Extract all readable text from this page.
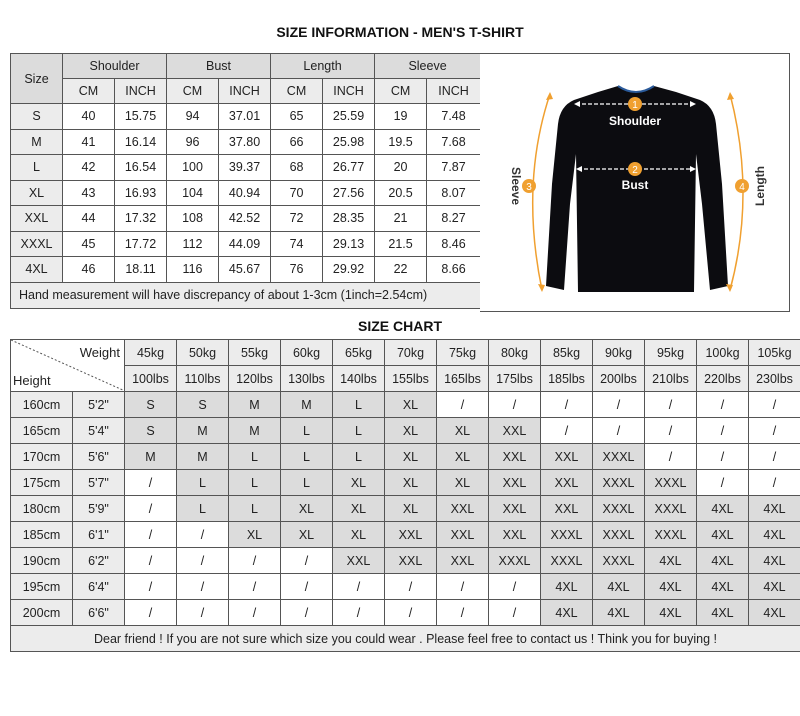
SIZE INFORMATION - MEN'S T-SHIRT
Size	Shoulder		Bust		Length		Sleeve	
	CM	INCH	CM	INCH	CM	INCH	CM	INCH
S	40	15.75	94	37.01	65	25.59	19	7.48
M	41	16.14	96	37.80	66	25.98	19.5	7.68
L	42	16.54	100	39.37	68	26.77	20	7.87
XL	43	16.93	104	40.94	70	27.56	20.5	8.07
XXL	44	17.32	108	42.52	72	28.35	21	8.27
XXXL	45	17.72	112	44.09	74	29.13	21.5	8.46
4XL	46	18.11	116	45.67	76	29.92	22	8.66
Hand measurement will have discrepancy of about 1-3cm (1inch=2.54cm)								
1
Shoulder
2
Bust
3
Sleeve	4 Length
SIZE CHART
Weight
Height		45kg	50kg	55kg	60kg	65kg	70kg	75kg	80kg	85kg	90kg	95kg	100kg	105kg
		100lbs	110lbs	120lbs	130lbs	140lbs	155lbs	165lbs	175lbs	185lbs	200lbs	210lbs	220lbs	230lbs
160cm	5'2"	S	S	M	M	L	XL	/	/	/	/	/	/	/
165cm	5'4"	S	M	M	L	L	XL	XL	XXL	/	/	/	/	/
170cm	5'6"	M	M	L	L	L	XL	XL	XXL	XXL	XXXL	/	/	/
175cm	5'7"	/	L	L	L	XL	XL	XL	XXL	XXL	XXXL	XXXL	/	/
180cm	5'9"	/	L	L	XL	XL	XL	XXL	XXL	XXL	XXXL	XXXL	4XL	4XL
185cm	6'1"	/	/	XL	XL	XL	XXL	XXL	XXL	XXXL	XXXL	XXXL	4XL	4XL
190cm	6'2"	/	/	/	/	XXL	XXL	XXL	XXXL	XXXL	XXXL	4XL	4XL	4XL
195cm	6'4"	/	/	/	/	/	/	/	/	4XL	4XL	4XL	4XL	4XL
200cm	6'6"	/	/	/	/	/	/	/	/	4XL	4XL	4XL	4XL	4XL
Dear friend ! If you are not sure which size you could wear . Please feel free to contact us ! Think you for buying !														
